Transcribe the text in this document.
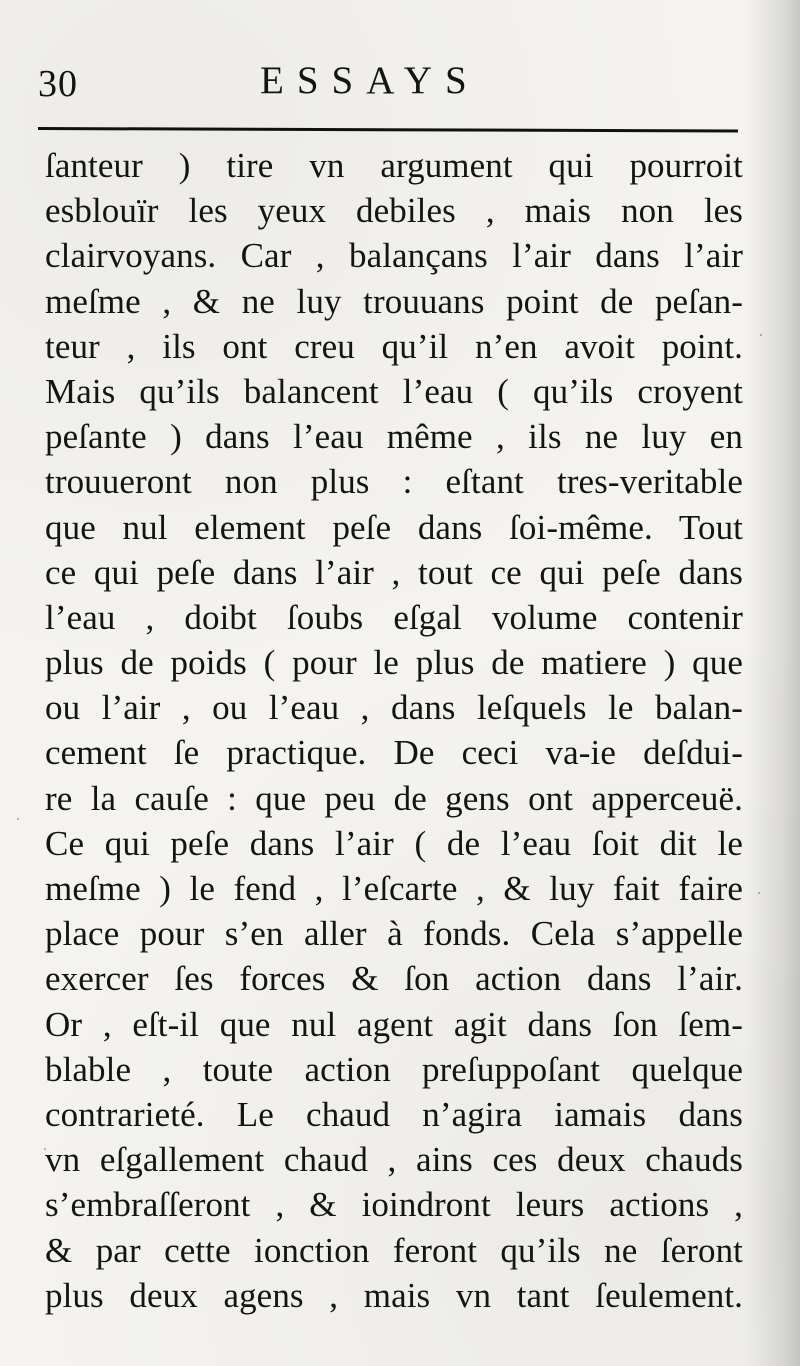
30	ESSAYS
ſanteur ) tire vn argument qui pourroit
esblouïr les yeux debiles , mais non les
clairvoyans. Car , balançans l’air dans l’air
meſme , & ne luy trouuans point de peſan-
teur , ils ont creu qu’il n’en avoit point.
Mais qu’ils balancent l’eau ( qu’ils croyent
peſante ) dans l’eau même , ils ne luy en
trouueront non plus : eſtant tres-veritable
que nul element peſe dans ſoi-même. Tout
ce qui peſe dans l’air , tout ce qui peſe dans
l’eau , doibt ſoubs eſgal volume contenir
plus de poids ( pour le plus de matiere ) que
ou l’air , ou l’eau , dans leſquels le balan-
cement ſe practique. De ceci va-ie deſdui-
re la cauſe : que peu de gens ont apperceuë.
Ce qui peſe dans l’air ( de l’eau ſoit dit le
meſme ) le fend , l’eſcarte , & luy fait faire
place pour s’en aller à fonds. Cela s’appelle
exercer ſes forces & ſon action dans l’air.
Or , eſt-il que nul agent agit dans ſon ſem-
blable , toute action preſuppoſant quelque
contrarieté. Le chaud n’agira iamais dans
vn eſgallement chaud , ains ces deux chauds
s’embraſſeront , & ioindront leurs actions ,
& par cette ionction feront qu’ils ne ſeront
plus deux agens , mais vn tant ſeulement.
